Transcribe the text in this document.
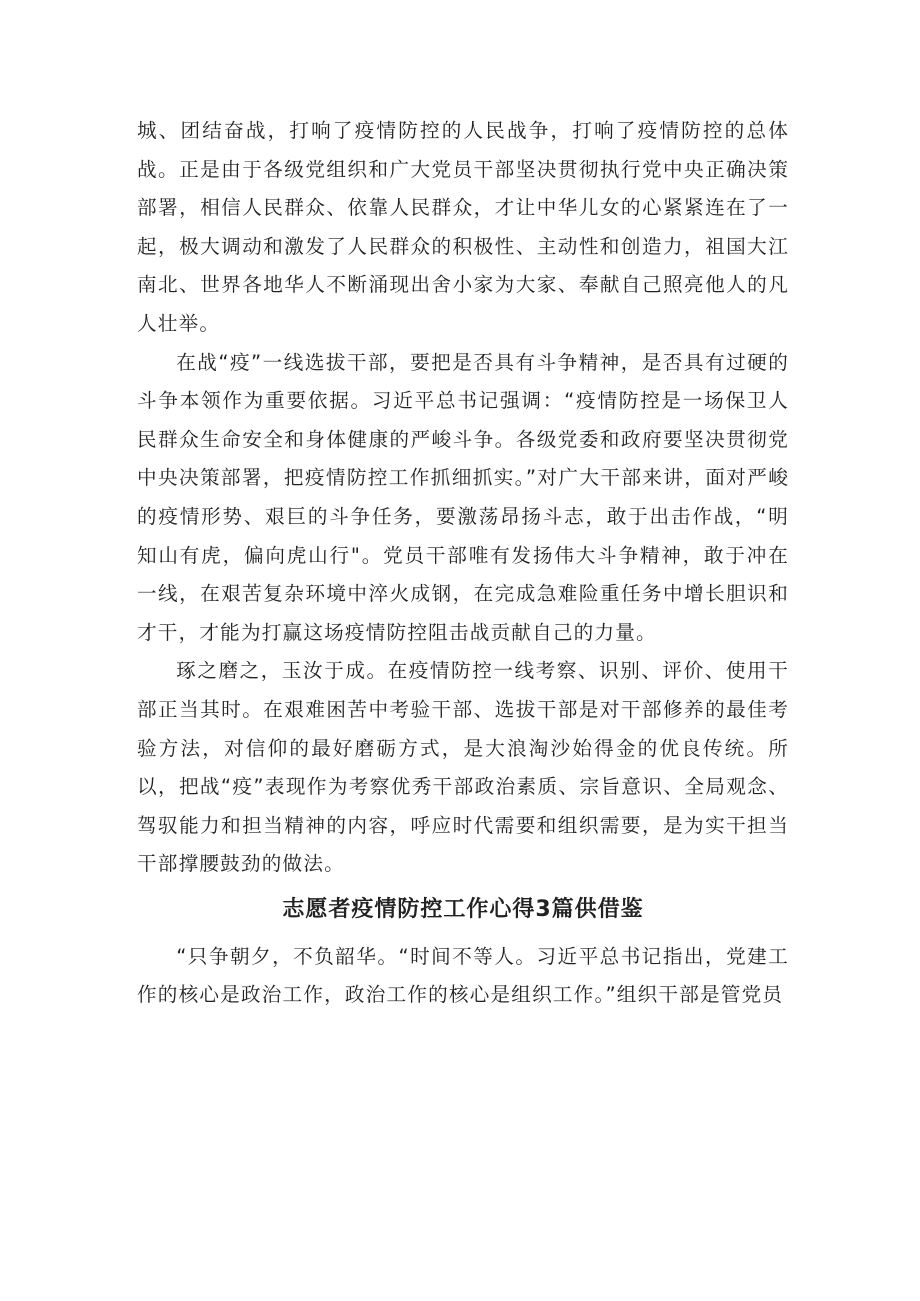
城、团结奋战，打响了疫情防控的人民战争，打响了疫情防控的总体战。正是由于各级党组织和广大党员干部坚决贯彻执行党中央正确决策部署，相信人民群众、依靠人民群众，才让中华儿女的心紧紧连在了一起，极大调动和激发了人民群众的积极性、主动性和创造力，祖国大江南北、世界各地华人不断涌现出舍小家为大家、奉献自己照亮他人的凡人壮举。

在战“疫”一线选拔干部，要把是否具有斗争精神，是否具有过硬的斗争本领作为重要依据。习近平总书记强调：“疫情防控是一场保卫人民群众生命安全和身体健康的严峻斗争。各级党委和政府要坚决贯彻党中央决策部署，把疫情防控工作抓细抓实。”对广大干部来讲，面对严峻的疫情形势、艰巨的斗争任务，要激荡昂扬斗志，敢于出击作战，“明知山有虎，偏向虎山行"。党员干部唯有发扬伟大斗争精神，敢于冲在一线，在艰苦复杂环境中淬火成钢，在完成急难险重任务中增长胆识和才干，才能为打赢这场疫情防控阻击战贡献自己的力量。

琢之磨之，玉汝于成。在疫情防控一线考察、识别、评价、使用干部正当其时。在艰难困苦中考验干部、选拔干部是对干部修养的最佳考验方法，对信仰的最好磨砺方式，是大浪淘沙始得金的优良传统。所以，把战“疫”表现作为考察优秀干部政治素质、宗旨意识、全局观念、驾驭能力和担当精神的内容，呼应时代需要和组织需要，是为实干担当干部撑腰鼓劲的做法。

志愿者疫情防控工作心得3篇供借鉴

“只争朝夕，不负韶华。“时间不等人。习近平总书记指出，党建工作的核心是政治工作，政治工作的核心是组织工作。”组织干部是管党员
